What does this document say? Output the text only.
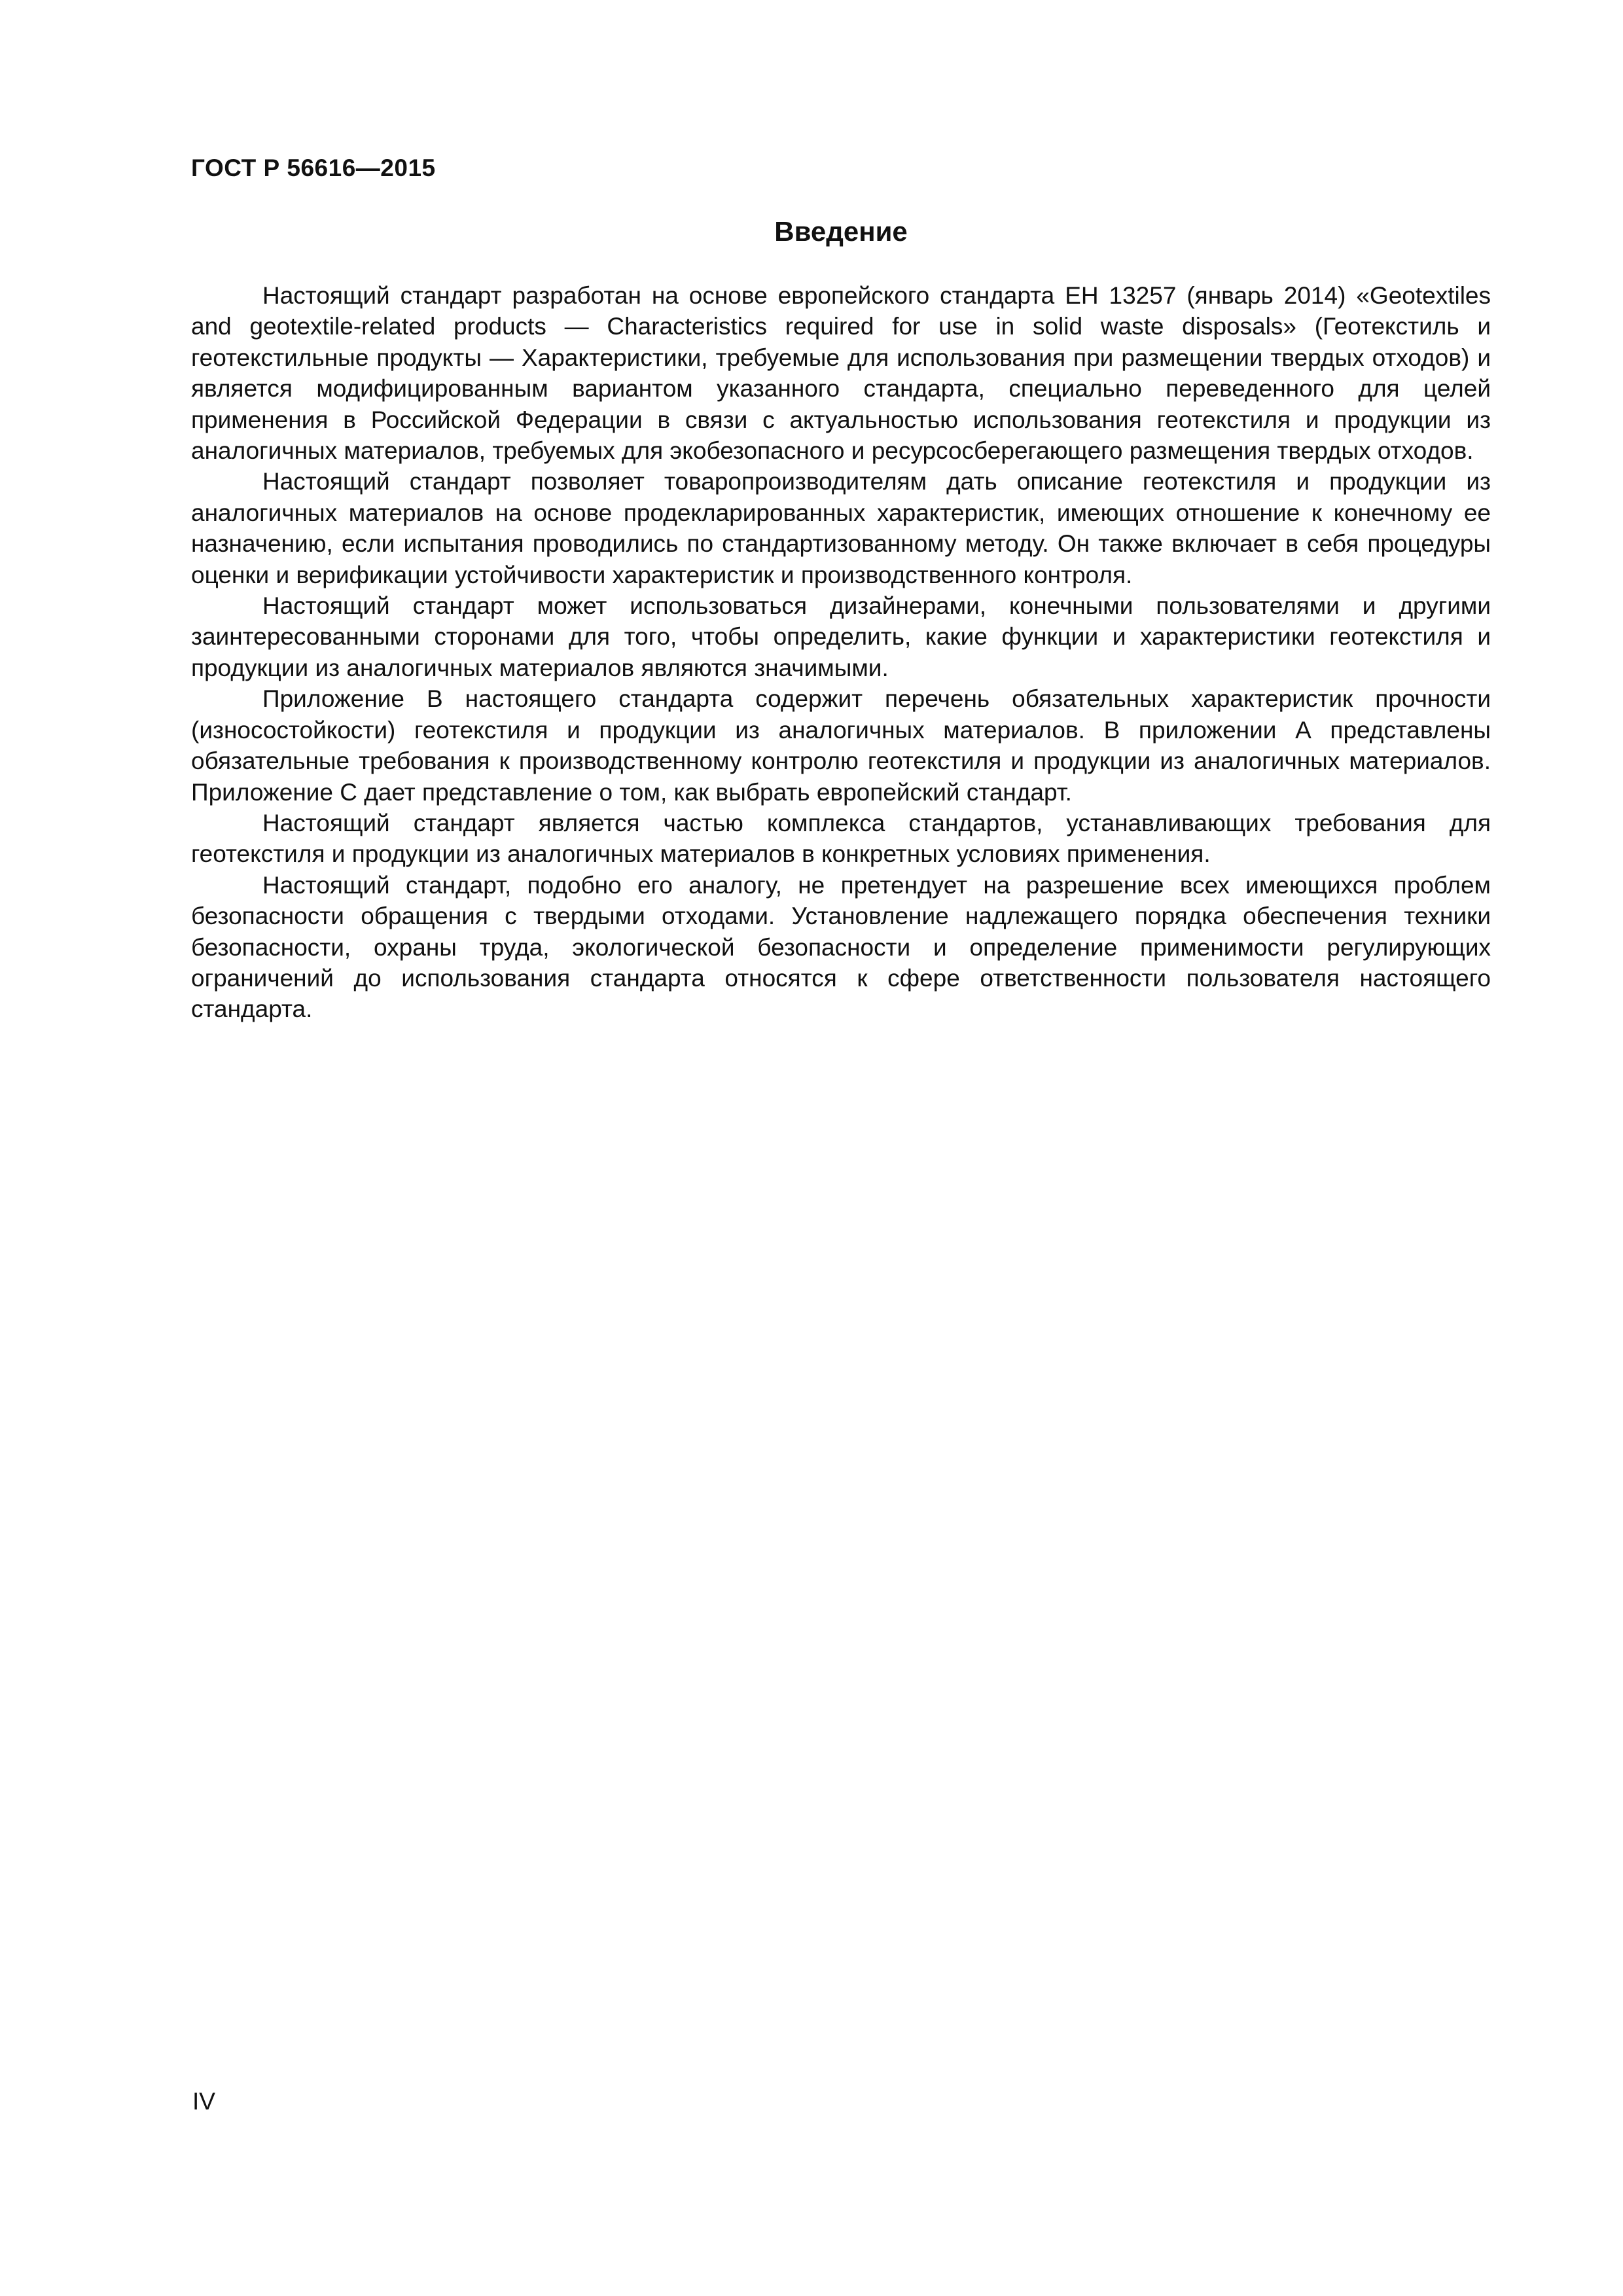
ГОСТ Р 56616—2015
Введение

Настоящий стандарт разработан на основе европейского стандарта ЕН 13257 (январь 2014) «Geotextiles and geotextile-related products — Characteristics required for use in solid waste disposals» (Геотекстиль и геотекстильные продукты — Характеристики, требуемые для использования при размещении твердых отходов) и является модифицированным вариантом указанного стандарта, специально переведенного для целей применения в Российской Федерации в связи с актуальностью использования геотекстиля и продукции из аналогичных материалов, требуемых для экобезопасного и ресурсосберегающего размещения твердых отходов.

Настоящий стандарт позволяет товаропроизводителям дать описание геотекстиля и продукции из аналогичных материалов на основе продекларированных характеристик, имеющих отношение к конечному ее назначению, если испытания проводились по стандартизованному методу. Он также включает в себя процедуры оценки и верификации устойчивости характеристик и производственного контроля.

Настоящий стандарт может использоваться дизайнерами, конечными пользователями и другими заинтересованными сторонами для того, чтобы определить, какие функции и характеристики геотекстиля и продукции из аналогичных материалов являются значимыми.

Приложение В настоящего стандарта содержит перечень обязательных характеристик прочности (износостойкости) геотекстиля и продукции из аналогичных материалов. В приложении А представлены обязательные требования к производственному контролю геотекстиля и продукции из аналогичных материалов. Приложение С дает представление о том, как выбрать европейский стандарт.

Настоящий стандарт является частью комплекса стандартов, устанавливающих требования для геотекстиля и продукции из аналогичных материалов в конкретных условиях применения.

Настоящий стандарт, подобно его аналогу, не претендует на разрешение всех имеющихся проблем безопасности обращения с твердыми отходами. Установление надлежащего порядка обеспечения техники безопасности, охраны труда, экологической безопасности и определение применимости регулирующих ограничений до использования стандарта относятся к сфере ответственности пользователя настоящего стандарта.

IV
